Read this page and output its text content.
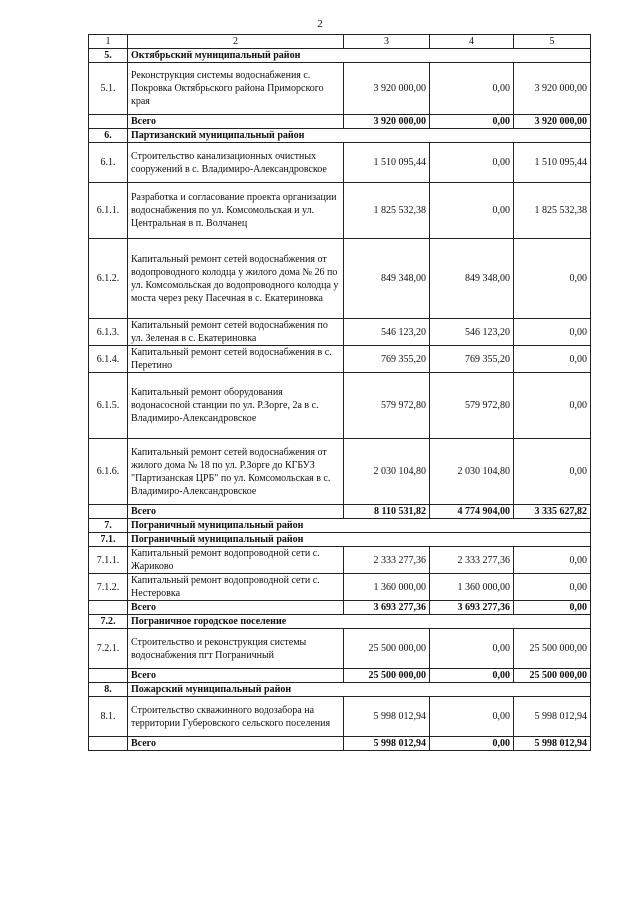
2
1	2	3	4	5
5.	Октябрьский муниципальный район			
5.1.	Реконструкция системы водоснабжения с. Покровка Октябрьского района Приморского края	3 920 000,00	0,00	3 920 000,00
	Всего	3 920 000,00	0,00	3 920 000,00
6.	Партизанский муниципальный район			
6.1.	Строительство канализационных очистных сооружений в с. Владимиро-Александровское	1 510 095,44	0,00	1 510 095,44
6.1.1.	Разработка и согласование проекта организации водоснабжения по ул. Комсомольская и ул. Центральная в п. Волчанец	1 825 532,38	0,00	1 825 532,38
6.1.2.	Капитальный ремонт сетей водоснабжения от водопроводного колодца у жилого дома № 26 по ул. Комсомольская до водопроводного колодца у моста через реку Пасечная в с. Екатериновка	849 348,00	849 348,00	0,00
6.1.3.	Капитальный ремонт сетей водоснабжения по ул. Зеленая в с. Екатериновка	546 123,20	546 123,20	0,00
6.1.4.	Капитальный ремонт сетей водоснабжения в с. Перетино	769 355,20	769 355,20	0,00
6.1.5.	Капитальный ремонт оборудования водонасосной станции по ул. Р.Зорге, 2а в с. Владимиро-Александровское	579 972,80	579 972,80	0,00
6.1.6.	Капитальный ремонт сетей водоснабжения от жилого дома № 18 по ул. Р.Зорге до КГБУЗ "Партизанская ЦРБ" по ул. Комсомольская в с. Владимиро-Александровское	2 030 104,80	2 030 104,80	0,00
	Всего	8 110 531,82	4 774 904,00	3 335 627,82
7.	Пограничный муниципальный район			
7.1.	Пограничный муниципальный район			
7.1.1.	Капитальный ремонт водопроводной сети с. Жариково	2 333 277,36	2 333 277,36	0,00
7.1.2.	Капитальный ремонт водопроводной сети с. Нестеровка	1 360 000,00	1 360 000,00	0,00
	Всего	3 693 277,36	3 693 277,36	0,00
7.2.	Пограничное городское поселение			
7.2.1.	Строительство и реконструкция системы водоснабжения пгт Пограничный	25 500 000,00	0,00	25 500 000,00
	Всего	25 500 000,00	0,00	25 500 000,00
8.	Пожарский муниципальный район			
8.1.	Строительство скважинного водозабора на территории Губеровского сельского поселения	5 998 012,94	0,00	5 998 012,94
	Всего	5 998 012,94	0,00	5 998 012,94
